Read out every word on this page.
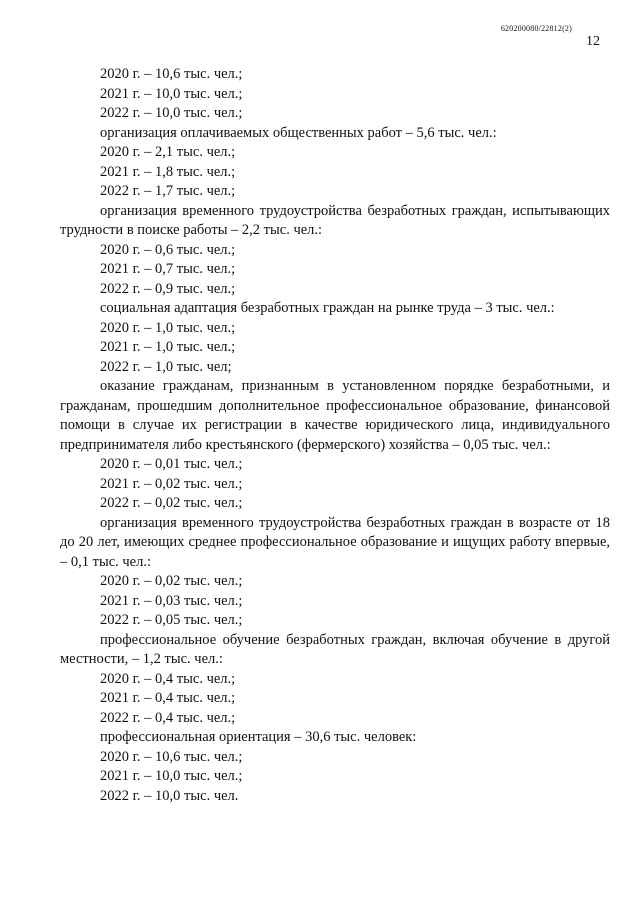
620200080/22812(2)
12

2020 г. – 10,6 тыс. чел.;

2021 г. – 10,0 тыс. чел.;

2022 г. – 10,0 тыс. чел.;

организация оплачиваемых общественных работ – 5,6 тыс. чел.:

2020 г. – 2,1 тыс. чел.;

2021 г. – 1,8 тыс. чел.;

2022 г. – 1,7 тыс. чел.;

организация временного трудоустройства безработных граждан, испытывающих трудности в поиске работы – 2,2 тыс. чел.:

2020 г. – 0,6 тыс. чел.;

2021 г. – 0,7 тыс. чел.;

2022 г. – 0,9 тыс. чел.;

социальная адаптация безработных граждан на рынке труда – 3 тыс. чел.:

2020 г. – 1,0 тыс. чел.;

2021 г. – 1,0 тыс. чел.;

2022 г. – 1,0 тыс. чел;

оказание гражданам, признанным в установленном порядке безработными, и гражданам, прошедшим дополнительное профессиональное образование, финансовой помощи в случае их регистрации в качестве юридического лица, индивидуального предпринимателя либо крестьянского (фермерского) хозяйства – 0,05 тыс. чел.:

2020 г. – 0,01 тыс. чел.;

2021 г. – 0,02 тыс. чел.;

2022 г. – 0,02 тыс. чел.;

организация временного трудоустройства безработных граждан в возрасте от 18 до 20 лет, имеющих среднее профессиональное образование и ищущих работу впервые, – 0,1 тыс. чел.:

2020 г. – 0,02 тыс. чел.;

2021 г. – 0,03 тыс. чел.;

2022 г. – 0,05 тыс. чел.;

профессиональное обучение безработных граждан, включая обучение в другой местности, – 1,2 тыс. чел.:

2020 г. – 0,4 тыс. чел.;

2021 г. – 0,4 тыс. чел.;

2022 г. – 0,4 тыс. чел.;

профессиональная ориентация – 30,6 тыс. человек:

2020 г. – 10,6 тыс. чел.;

2021 г. – 10,0 тыс. чел.;

2022 г. – 10,0 тыс. чел.
